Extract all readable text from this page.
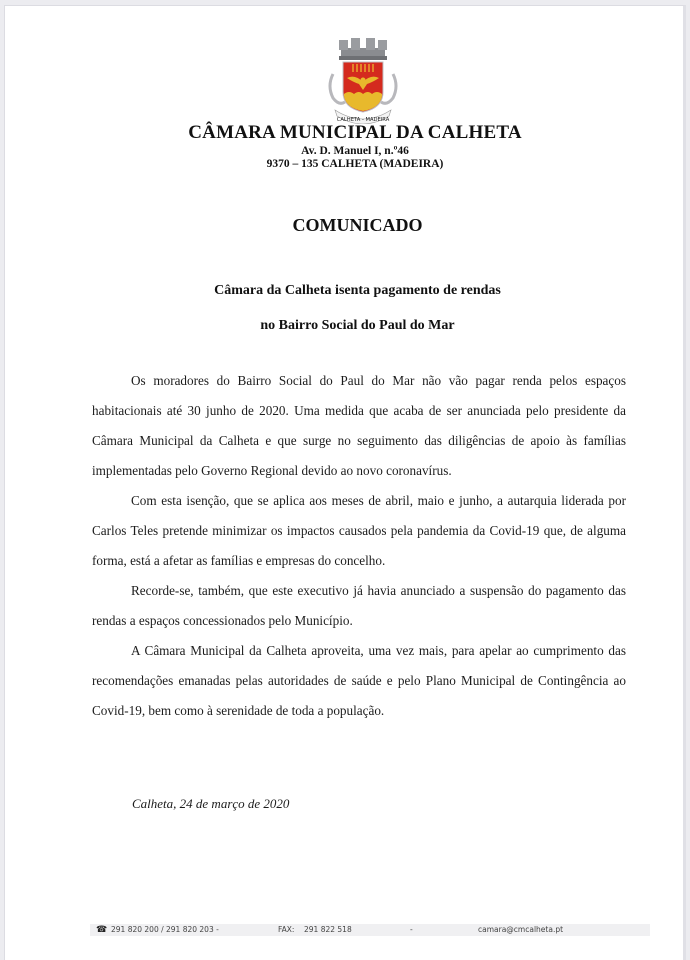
CALHETA - MADEIRA
CÂMARA MUNICIPAL DA CALHETA
Av. D. Manuel I, n.º46
9370 – 135 CALHETA (MADEIRA)
COMUNICADO
Câmara da Calheta isenta pagamento de rendas
no Bairro Social do Paul do Mar

Os moradores do Bairro Social do Paul do Mar não vão pagar renda pelos espaços habitacionais até 30 junho de 2020. Uma medida que acaba de ser anunciada pelo presidente da Câmara Municipal da Calheta e que surge no seguimento das diligências de apoio às famílias implementadas pelo Governo Regional devido ao novo coronavírus.

Com esta isenção, que se aplica aos meses de abril, maio e junho, a autarquia liderada por Carlos Teles pretende minimizar os impactos causados pela pandemia da Covid-19 que, de alguma forma, está a afetar as famílias e empresas do concelho.

Recorde-se, também, que este executivo já havia anunciado a suspensão do pagamento das rendas a espaços concessionados pelo Município.

A Câmara Municipal da Calheta aproveita, uma vez mais, para apelar ao cumprimento das recomendações emanadas pelas autoridades de saúde e pelo Plano Municipal de Contingência ao Covid-19, bem como à serenidade de toda a população.

Calheta, 24 de março de 2020
☎ 291 820 200 / 291 820 203 -	FAX: 291 822 518	-	camara@cmcalheta.pt
